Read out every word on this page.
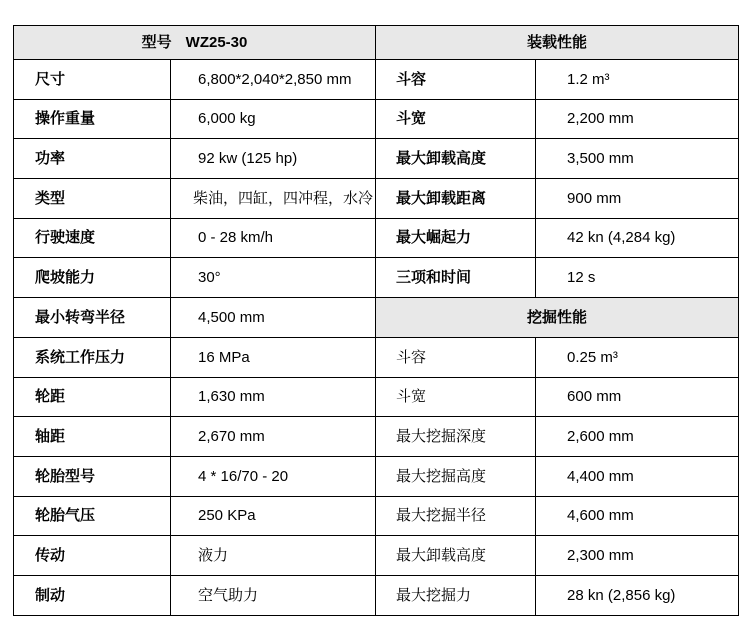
型号 WZ25-30		装载性能	
尺寸	6,800*2,040*2,850 mm	斗容	1.2 m³
操作重量	6,000 kg	斗宽	2,200 mm
功率	92 kw (125 hp)	最大卸载高度	3,500 mm
类型	柴油，四缸，四冲程，水冷	最大卸载距离	900 mm
行驶速度	0 - 28 km/h	最大崛起力	42 kn (4,284 kg)
爬坡能力	30°	三项和时间	12 s
最小转弯半径	4,500 mm	挖掘性能	
系统工作压力	16 MPa	斗容	0.25 m³
轮距	1,630 mm	斗宽	600 mm
轴距	2,670 mm	最大挖掘深度	2,600 mm
轮胎型号	4 * 16/70 - 20	最大挖掘高度	4,400 mm
轮胎气压	250 KPa	最大挖掘半径	4,600 mm
传动	液力	最大卸载高度	2,300 mm
制动	空气助力	最大挖掘力	28 kn (2,856 kg)
